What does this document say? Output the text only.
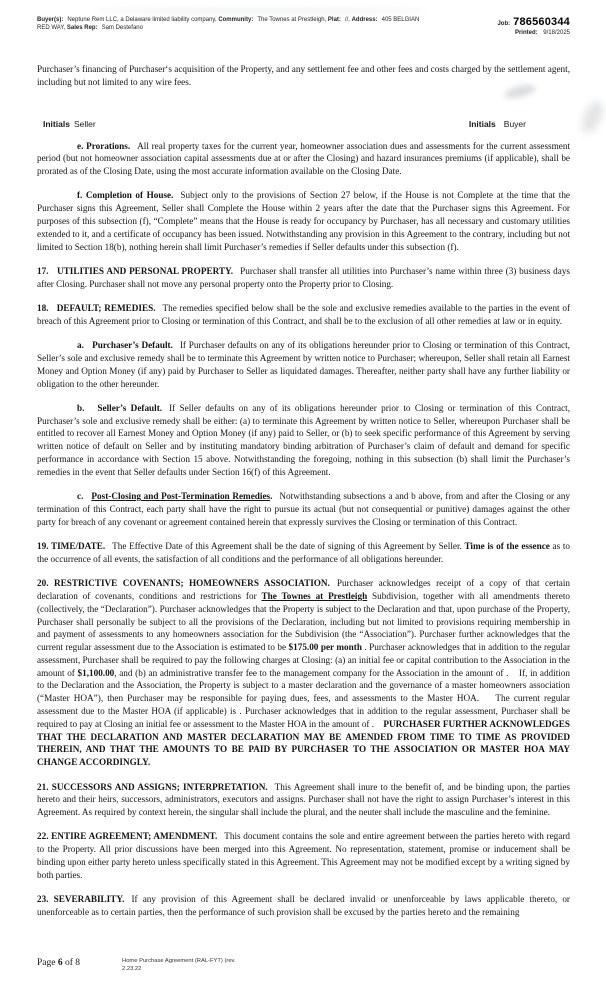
Buyer(s): Neptune Rem LLC, a Delaware limited liability company, Community: The Townes at Prestleigh, Plat: //, Address: 405 BELGIAN RED WAY, Sales Rep: Sam Destefano
Job: 786560344
Printed: 9/18/2025

Purchaser’s financing of Purchaser‘s acquisition of the Property, and any settlement fee and other fees and costs charged by the settlement agent, including but not limited to any wire fees.

Initials Seller	Initials Buyer

e. Prorations. All real property taxes for the current year, homeowner association dues and assessments for the current assessment period (but not homeowner association capital assessments due at or after the Closing) and hazard insurances premiums (if applicable), shall be prorated as of the Closing Date, using the most accurate information available on the Closing Date.

f. Completion of House. Subject only to the provisions of Section 27 below, if the House is not Complete at the time that the Purchaser signs this Agreement, Seller shall Complete the House within 2 years after the date that the Purchaser signs this Agreement. For purposes of this subsection (f), “Complete” means that the House is ready for occupancy by Purchaser, has all necessary and customary utilities extended to it, and a certificate of occupancy has been issued. Notwithstanding any provision in this Agreement to the contrary, including but not limited to Section 18(b), nothing herein shall limit Purchaser’s remedies if Seller defaults under this subsection (f).

17.   UTILITIES AND PERSONAL PROPERTY. Purchaser shall transfer all utilities into Purchaser’s name within three (3) business days after Closing. Purchaser shall not move any personal property onto the Property prior to Closing.

18.   DEFAULT; REMEDIES. The remedies specified below shall be the sole and exclusive remedies available to the parties in the event of breach of this Agreement prior to Closing or termination of this Contract, and shall be to the exclusion of all other remedies at law or in equity.

a.   Purchaser’s Default. If Purchaser defaults on any of its obligations hereunder prior to Closing or termination of this Contract, Seller’s sole and exclusive remedy shall be to terminate this Agreement by written notice to Purchaser; whereupon, Seller shall retain all Earnest Money and Option Money (if any) paid by Purchaser to Seller as liquidated damages. Thereafter, neither party shall have any further liability or obligation to the other hereunder.

b.   Seller’s Default. If Seller defaults on any of its obligations hereunder prior to Closing or termination of this Contract, Purchaser’s sole and exclusive remedy shall be either: (a) to terminate this Agreement by written notice to Seller, whereupon Purchaser shall be entitled to recover all Earnest Money and Option Money (if any) paid to Seller, or (b) to seek specific performance of this Agreement by serving written notice of default on Seller and by instituting mandatory binding arbitration of Purchaser’s claim of default and demand for specific performance in accordance with Section 15 above. Notwithstanding the foregoing, nothing in this subsection (b) shall limit the Purchaser’s remedies in the event that Seller defaults under Section 16(f) of this Agreement.

c.   Post-Closing and Post-Termination Remedies. Notwithstanding subsections a and b above, from and after the Closing or any termination of this Contract, each party shall have the right to pursue its actual (but not consequential or punitive) damages against the other party for breach of any covenant or agreement contained herein that expressly survives the Closing or termination of this Contract.

19. TIME/DATE. The Effective Date of this Agreement shall be the date of signing of this Agreement by Seller. Time is of the essence as to the occurrence of all events, the satisfaction of all conditions and the performance of all obligations hereunder.

20. RESTRICTIVE COVENANTS; HOMEOWNERS ASSOCIATION. Purchaser acknowledges receipt of a copy of that certain declaration of covenants, conditions and restrictions for The Townes at Prestleigh Subdivision, together with all amendments thereto (collectively, the “Declaration”). Purchaser acknowledges that the Property is subject to the Declaration and that, upon purchase of the Property, Purchaser shall personally be subject to all the provisions of the Declaration, including but not limited to provisions requiring membership in and payment of assessments to any homeowners association for the Subdivision (the “Association”). Purchaser further acknowledges that the current regular assessment due to the Association is estimated to be $175.00 per month . Purchaser acknowledges that in addition to the regular assessment, Purchaser shall be required to pay the following charges at Closing: (a) an initial fee or capital contribution to the Association in the amount of $1,100.00, and (b) an administrative transfer fee to the management company for the Association in the amount of .    If, in addition to the Declaration and the Association, the Property is subject to a master declaration and the governance of a master homeowners association (“Master HOA”), then Purchaser may be responsible for paying dues, fees, and assessments to the Master HOA.    The current regular assessment due to the Master HOA (if applicable) is . Purchaser acknowledges that in addition to the regular assessment, Purchaser shall be required to pay at Closing an initial fee or assessment to the Master HOA in the amount of .    PURCHASER FURTHER ACKNOWLEDGES THAT THE DECLARATION AND MASTER DECLARATION MAY BE AMENDED FROM TIME TO TIME AS PROVIDED THEREIN, AND THAT THE AMOUNTS TO BE PAID BY PURCHASER TO THE ASSOCIATION OR MASTER HOA MAY CHANGE ACCORDINGLY.

21. SUCCESSORS AND ASSIGNS; INTERPRETATION. This Agreement shall inure to the benefit of, and be binding upon, the parties hereto and their heirs, successors, administrators, executors and assigns. Purchaser shall not have the right to assign Purchaser’s interest in this Agreement. As required by context herein, the singular shall include the plural, and the neuter shall include the masculine and the feminine.

22. ENTIRE AGREEMENT; AMENDMENT. This document contains the sole and entire agreement between the parties hereto with regard to the Property. All prior discussions have been merged into this Agreement. No representation, statement, promise or inducement shall be binding upon either party hereto unless specifically stated in this Agreement. This Agreement may not be modified except by a writing signed by both parties.

23. SEVERABILITY. If any provision of this Agreement shall be declared invalid or unenforceable by laws applicable thereto, or unenforceable as to certain parties, then the performance of such provision shall be excused by the parties hereto and the remaining

Page 6 of 8	Home Purchase Agreement (RAL-FYT) (rev.
2.23.22
